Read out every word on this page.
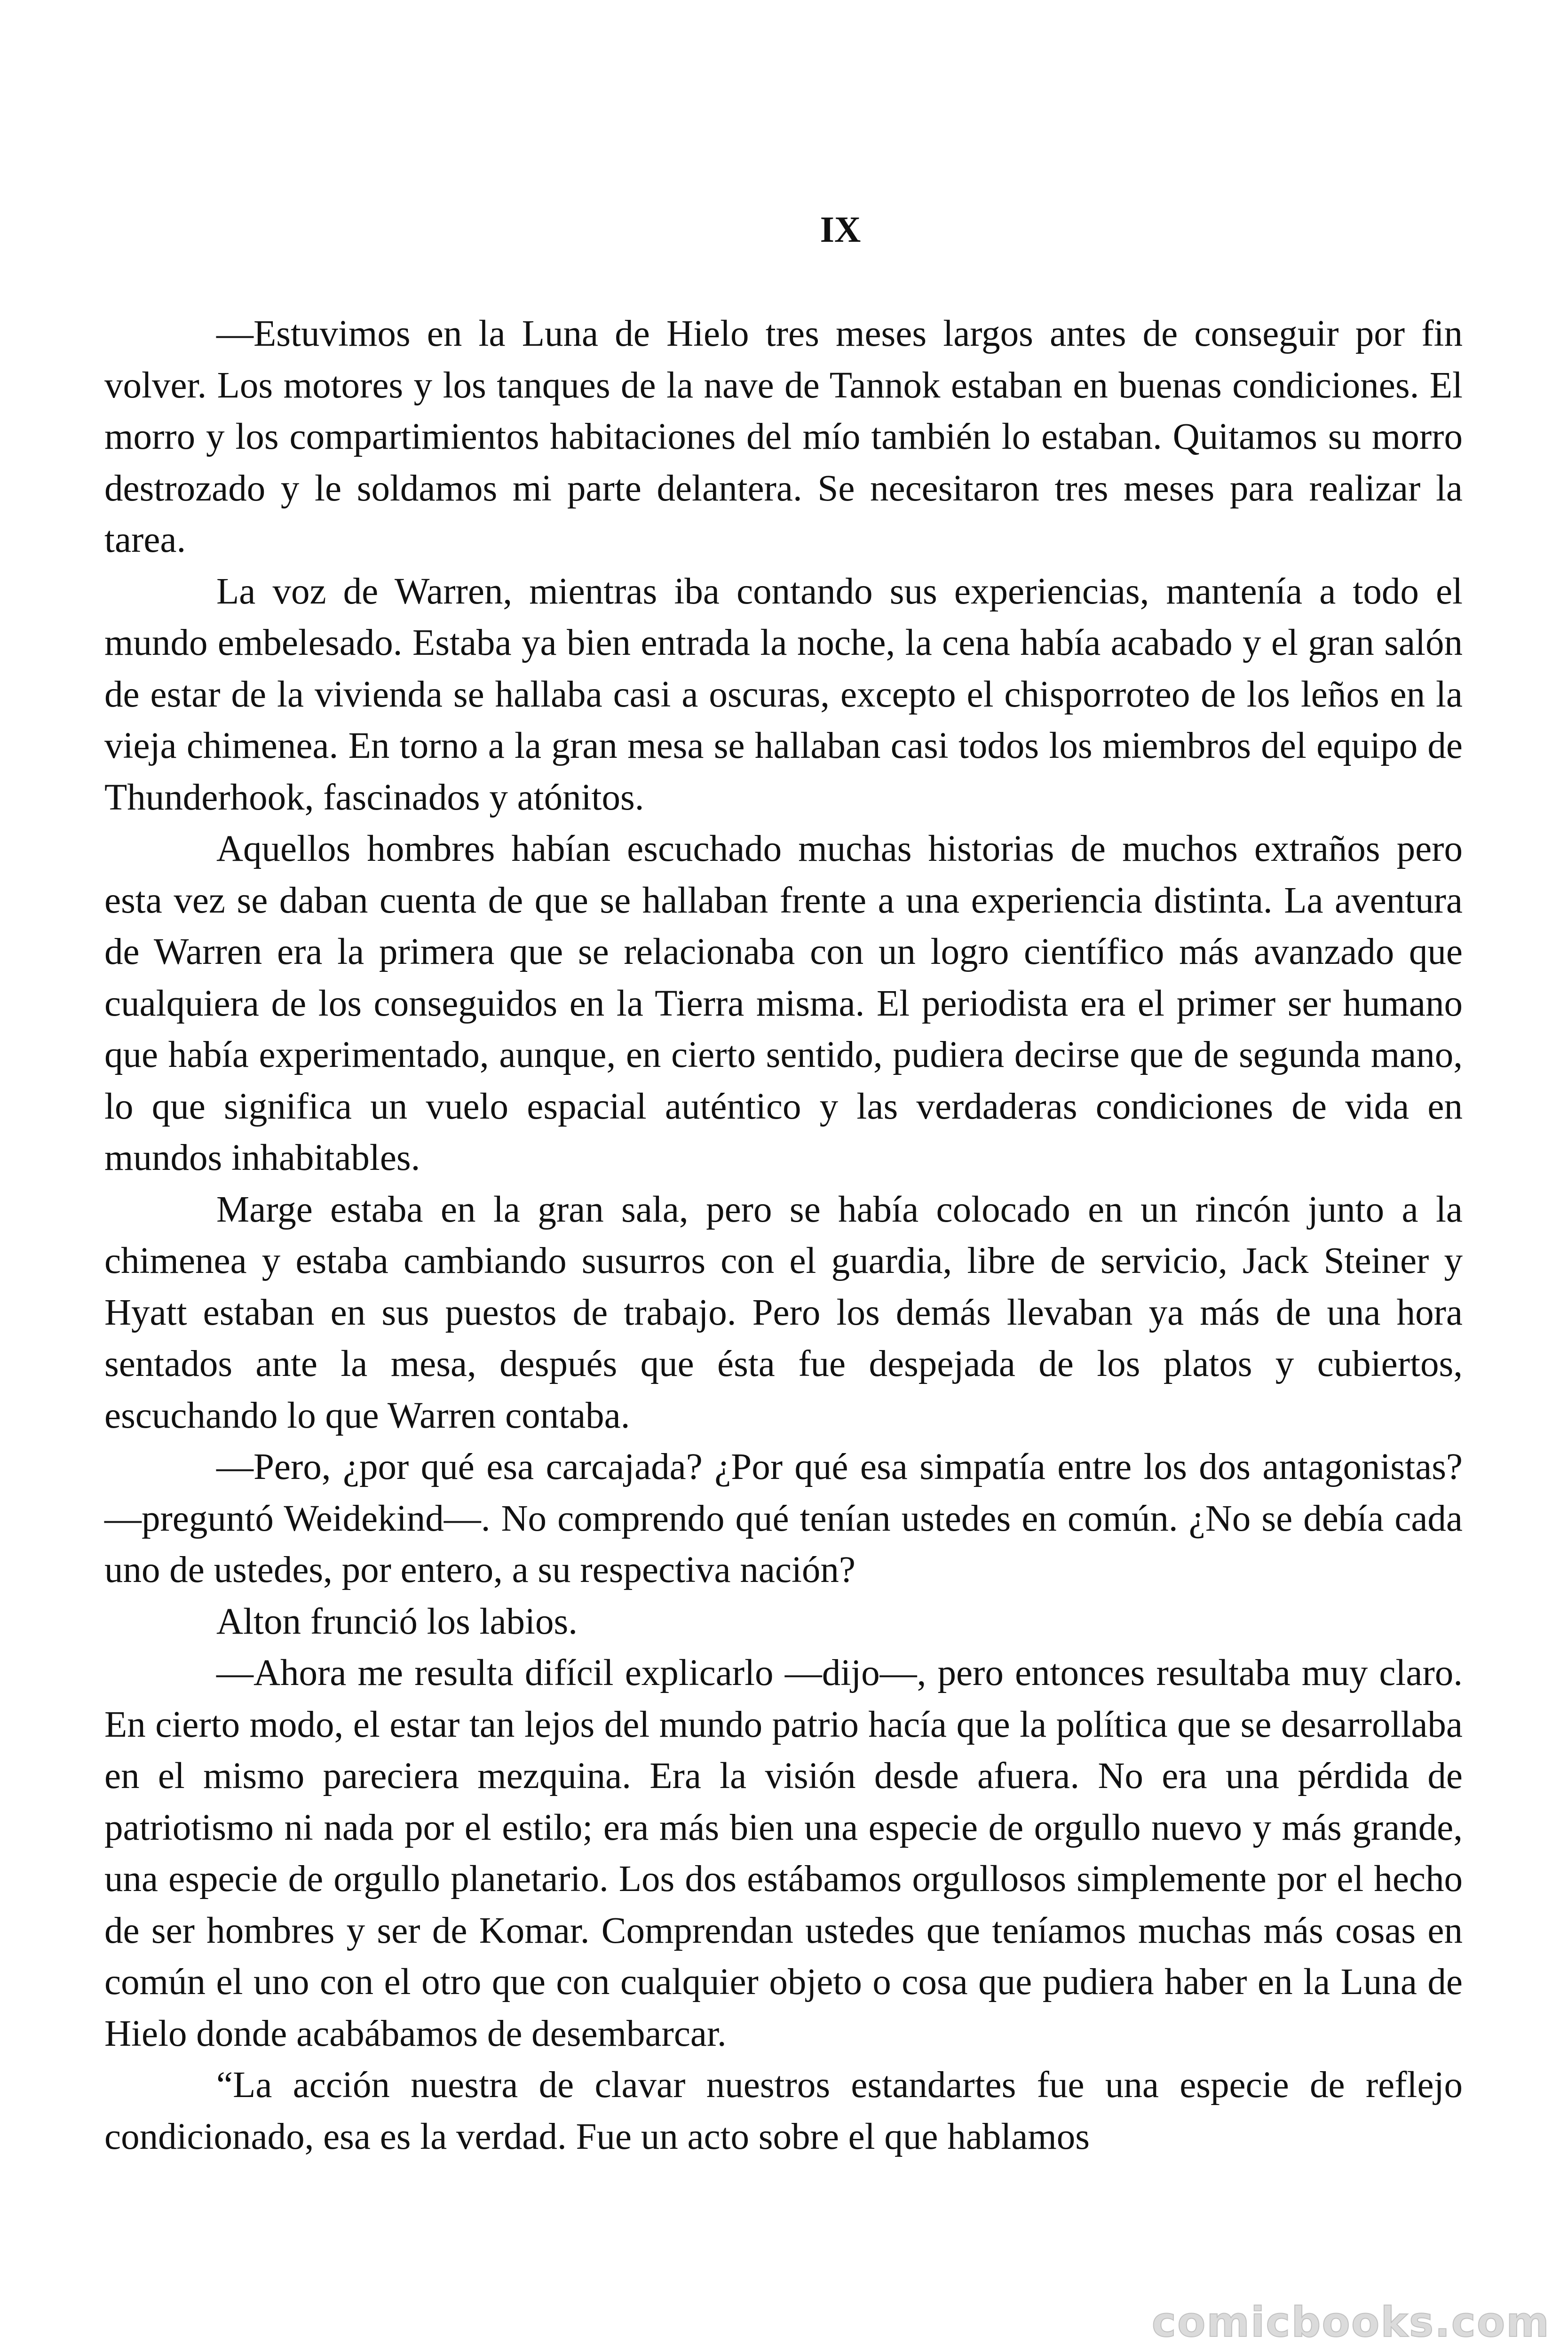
IX

—Estuvimos en la Luna de Hielo tres meses largos antes de conseguir por fin volver. Los motores y los tanques de la nave de Tannok estaban en buenas condiciones. El morro y los compartimientos habitaciones del mío también lo estaban. Quitamos su morro destrozado y le soldamos mi parte delantera. Se necesitaron tres meses para realizar la tarea.

La voz de Warren, mientras iba contando sus experiencias, mantenía a todo el mundo embelesado. Estaba ya bien entrada la noche, la cena había acabado y el gran salón de estar de la vivienda se hallaba casi a oscuras, excepto el chisporroteo de los leños en la vieja chimenea. En torno a la gran mesa se hallaban casi todos los miembros del equipo de Thunderhook, fascinados y atónitos.

Aquellos hombres habían escuchado muchas historias de muchos extraños pero esta vez se daban cuenta de que se hallaban frente a una experiencia distinta. La aventura de Warren era la primera que se relacionaba con un logro científico más avanzado que cualquiera de los conseguidos en la Tierra misma. El periodista era el primer ser humano que había experimentado, aunque, en cierto sentido, pudiera decirse que de segunda mano, lo que significa un vuelo espacial auténtico y las verdaderas condiciones de vida en mundos inhabitables.

Marge estaba en la gran sala, pero se había colocado en un rincón junto a la chimenea y estaba cambiando susurros con el guardia, libre de servicio, Jack Steiner y Hyatt estaban en sus puestos de trabajo. Pero los demás llevaban ya más de una hora sentados ante la mesa, después que ésta fue despejada de los platos y cubiertos, escuchando lo que Warren contaba.

—Pero, ¿por qué esa carcajada? ¿Por qué esa simpatía entre los dos antagonistas? —preguntó Weidekind—. No comprendo qué tenían ustedes en común. ¿No se debía cada uno de ustedes, por entero, a su respectiva nación?

Alton frunció los labios.

—Ahora me resulta difícil explicarlo —dijo—, pero entonces resultaba muy claro. En cierto modo, el estar tan lejos del mundo patrio hacía que la política que se desarrollaba en el mismo pareciera mezquina. Era la visión desde afuera. No era una pérdida de patriotismo ni nada por el estilo; era más bien una especie de orgullo nuevo y más grande, una especie de orgullo planetario. Los dos estábamos orgullosos simplemente por el hecho de ser hombres y ser de Komar. Comprendan ustedes que teníamos muchas más cosas en común el uno con el otro que con cualquier objeto o cosa que pudiera haber en la Luna de Hielo donde acabábamos de desembarcar.

“La acción nuestra de clavar nuestros estandartes fue una especie de reflejo condicionado, esa es la verdad. Fue un acto sobre el que hablamos

comicbooks.com
